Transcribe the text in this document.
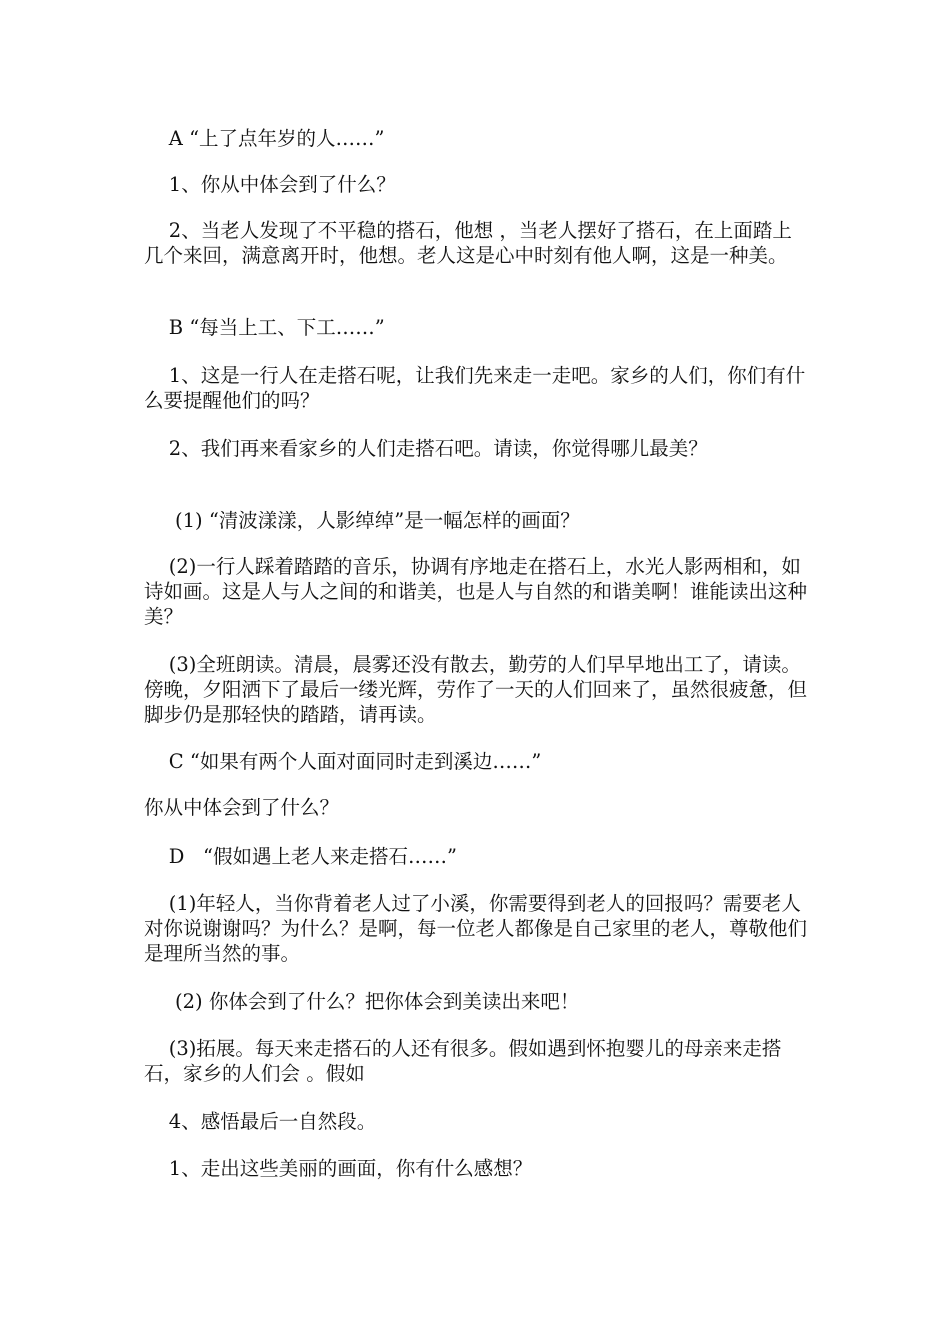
A “上了点年岁的人……”

1、你从中体会到了什么？

2、当老人发现了不平稳的搭石，他想 ，当老人摆好了搭石，在上面踏上几个来回，满意离开时，他想。老人这是心中时刻有他人啊，这是一种美。

B “每当上工、下工……”

1、这是一行人在走搭石呢，让我们先来走一走吧。家乡的人们，你们有什么要提醒他们的吗？

2、我们再来看家乡的人们走搭石吧。请读，你觉得哪儿最美？

(1) “清波漾漾，人影绰绰”是一幅怎样的画面？

(2)一行人踩着踏踏的音乐，协调有序地走在搭石上，水光人影两相和，如诗如画。这是人与人之间的和谐美，也是人与自然的和谐美啊！谁能读出这种美？

(3)全班朗读。清晨，晨雾还没有散去，勤劳的人们早早地出工了，请读。傍晚，夕阳洒下了最后一缕光辉，劳作了一天的人们回来了，虽然很疲惫，但脚步仍是那轻快的踏踏，请再读。

C “如果有两个人面对面同时走到溪边……”

你从中体会到了什么？

D   “假如遇上老人来走搭石……”

(1)年轻人，当你背着老人过了小溪，你需要得到老人的回报吗？需要老人对你说谢谢吗？为什么？是啊，每一位老人都像是自己家里的老人，尊敬他们是理所当然的事。

(2) 你体会到了什么？把你体会到美读出来吧！

(3)拓展。每天来走搭石的人还有很多。假如遇到怀抱婴儿的母亲来走搭石，家乡的人们会 。假如

4、感悟最后一自然段。

1、走出这些美丽的画面，你有什么感想？
